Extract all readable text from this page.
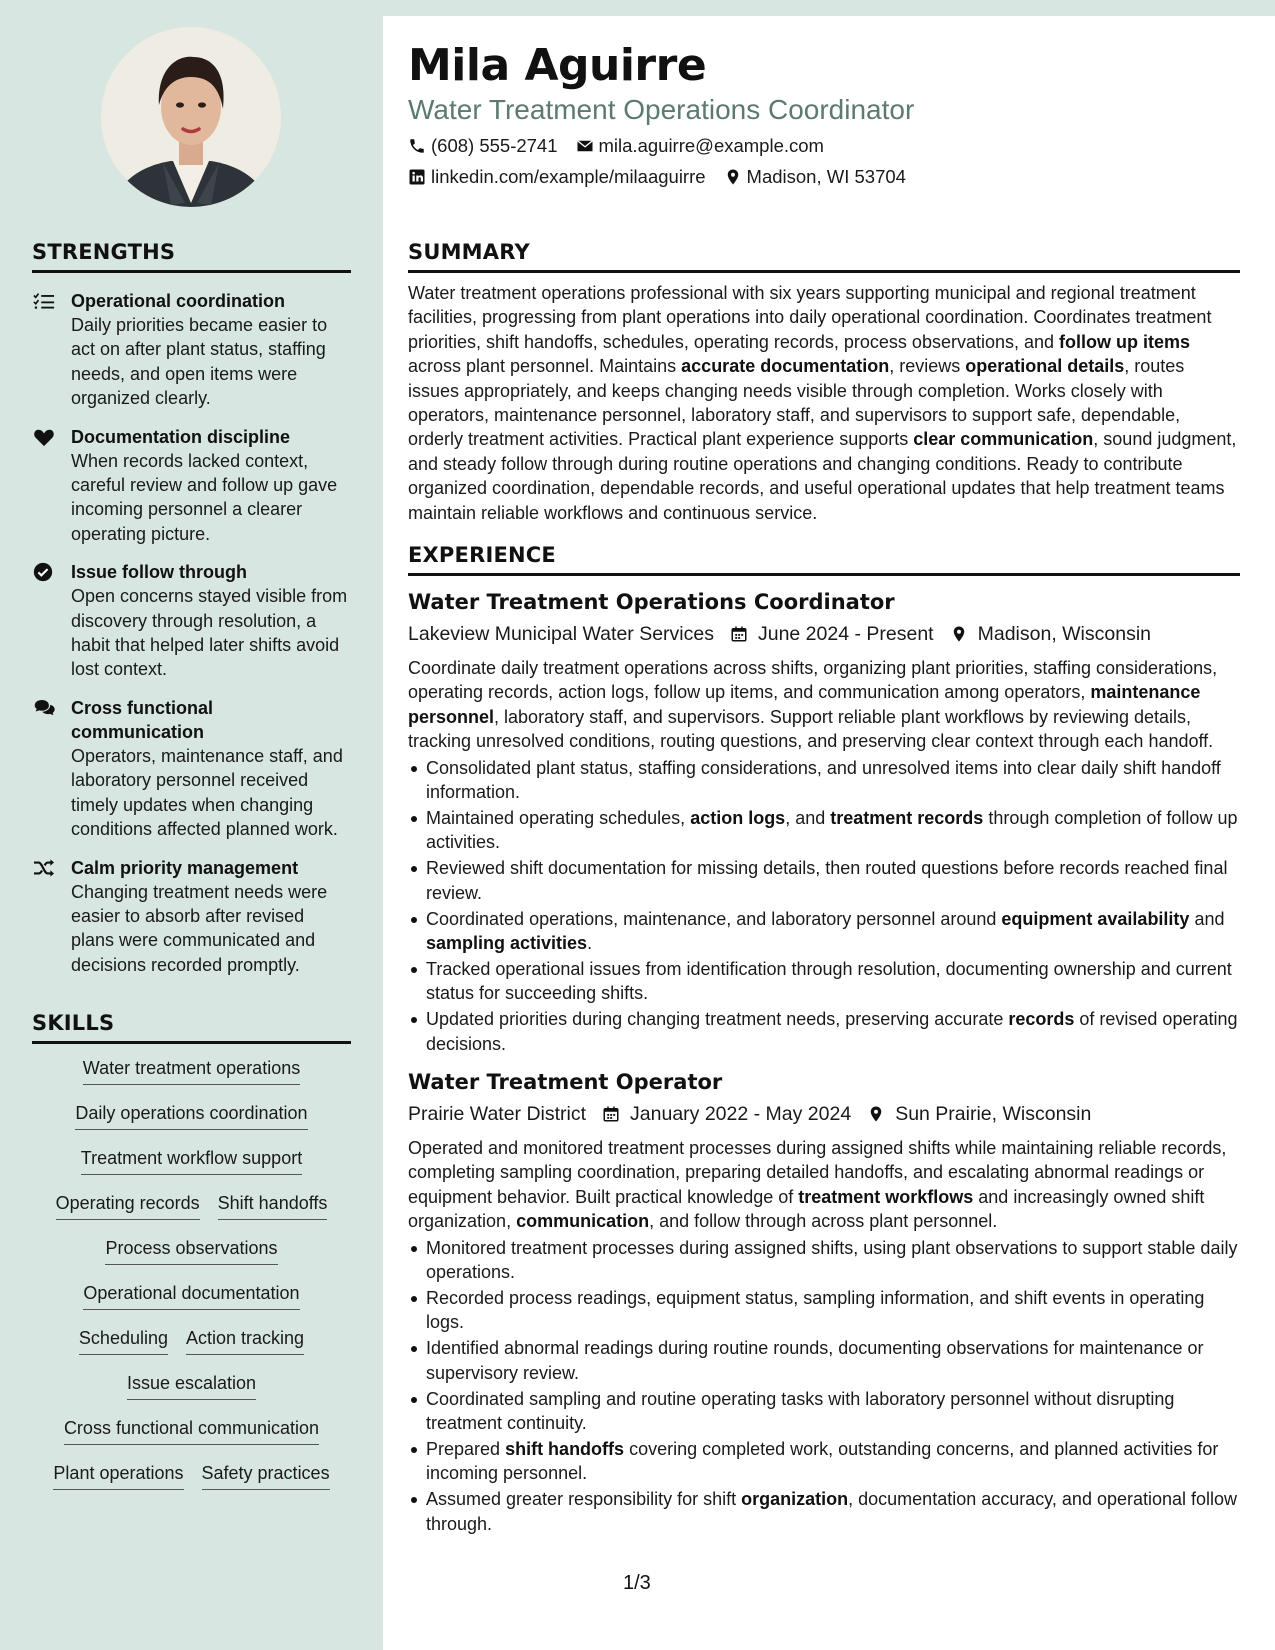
STRENGTHS
Operational coordination
Daily priorities became easier to act on after plant status, staffing needs, and open items were organized clearly.
Documentation discipline
When records lacked context, careful review and follow up gave incoming personnel a clearer operating picture.
Issue follow through
Open concerns stayed visible from discovery through resolution, a habit that helped later shifts avoid lost context.
Cross functional communication
Operators, maintenance staff, and laboratory personnel received timely updates when changing conditions affected planned work.
Calm priority management
Changing treatment needs were easier to absorb after revised plans were communicated and decisions recorded promptly.
SKILLS
Water treatment operations
Daily operations coordination
Treatment workflow support
Operating records Shift handoffs
Process observations
Operational documentation
Scheduling Action tracking
Issue escalation
Cross functional communication
Plant operations Safety practices
Mila Aguirre
Water Treatment Operations Coordinator
(608) 555-2741 mila.aguirre@example.com
linkedin.com/example/milaaguirre Madison, WI 53704
SUMMARY

Water treatment operations professional with six years supporting municipal and regional treatment facilities, progressing from plant operations into daily operational coordination. Coordinates treatment priorities, shift handoffs, schedules, operating records, process observations, and follow up items across plant personnel. Maintains accurate documentation, reviews operational details, routes issues appropriately, and keeps changing needs visible through completion. Works closely with operators, maintenance personnel, laboratory staff, and supervisors to support safe, dependable, orderly treatment activities. Practical plant experience supports clear communication, sound judgment, and steady follow through during routine operations and changing conditions. Ready to contribute organized coordination, dependable records, and useful operational updates that help treatment teams maintain reliable workflows and continuous service.

EXPERIENCE
Water Treatment Operations Coordinator
Lakeview Municipal Water Services June 2024 - Present Madison, Wisconsin

Coordinate daily treatment operations across shifts, organizing plant priorities, staffing considerations, operating records, action logs, follow up items, and communication among operators, maintenance personnel, laboratory staff, and supervisors. Support reliable plant workflows by reviewing details, tracking unresolved conditions, routing questions, and preserving clear context through each handoff.

Consolidated plant status, staffing considerations, and unresolved items into clear daily shift handoff information.
Maintained operating schedules, action logs, and treatment records through completion of follow up activities.
Reviewed shift documentation for missing details, then routed questions before records reached final review.
Coordinated operations, maintenance, and laboratory personnel around equipment availability and sampling activities.
Tracked operational issues from identification through resolution, documenting ownership and current status for succeeding shifts.
Updated priorities during changing treatment needs, preserving accurate records of revised operating decisions.
Water Treatment Operator
Prairie Water District January 2022 - May 2024 Sun Prairie, Wisconsin

Operated and monitored treatment processes during assigned shifts while maintaining reliable records, completing sampling coordination, preparing detailed handoffs, and escalating abnormal readings or equipment behavior. Built practical knowledge of treatment workflows and increasingly owned shift organization, communication, and follow through across plant personnel.

Monitored treatment processes during assigned shifts, using plant observations to support stable daily operations.
Recorded process readings, equipment status, sampling information, and shift events in operating logs.
Identified abnormal readings during routine rounds, documenting observations for maintenance or supervisory review.
Coordinated sampling and routine operating tasks with laboratory personnel without disrupting treatment continuity.
Prepared shift handoffs covering completed work, outstanding concerns, and planned activities for incoming personnel.
Assumed greater responsibility for shift organization, documentation accuracy, and operational follow through.
1/3
